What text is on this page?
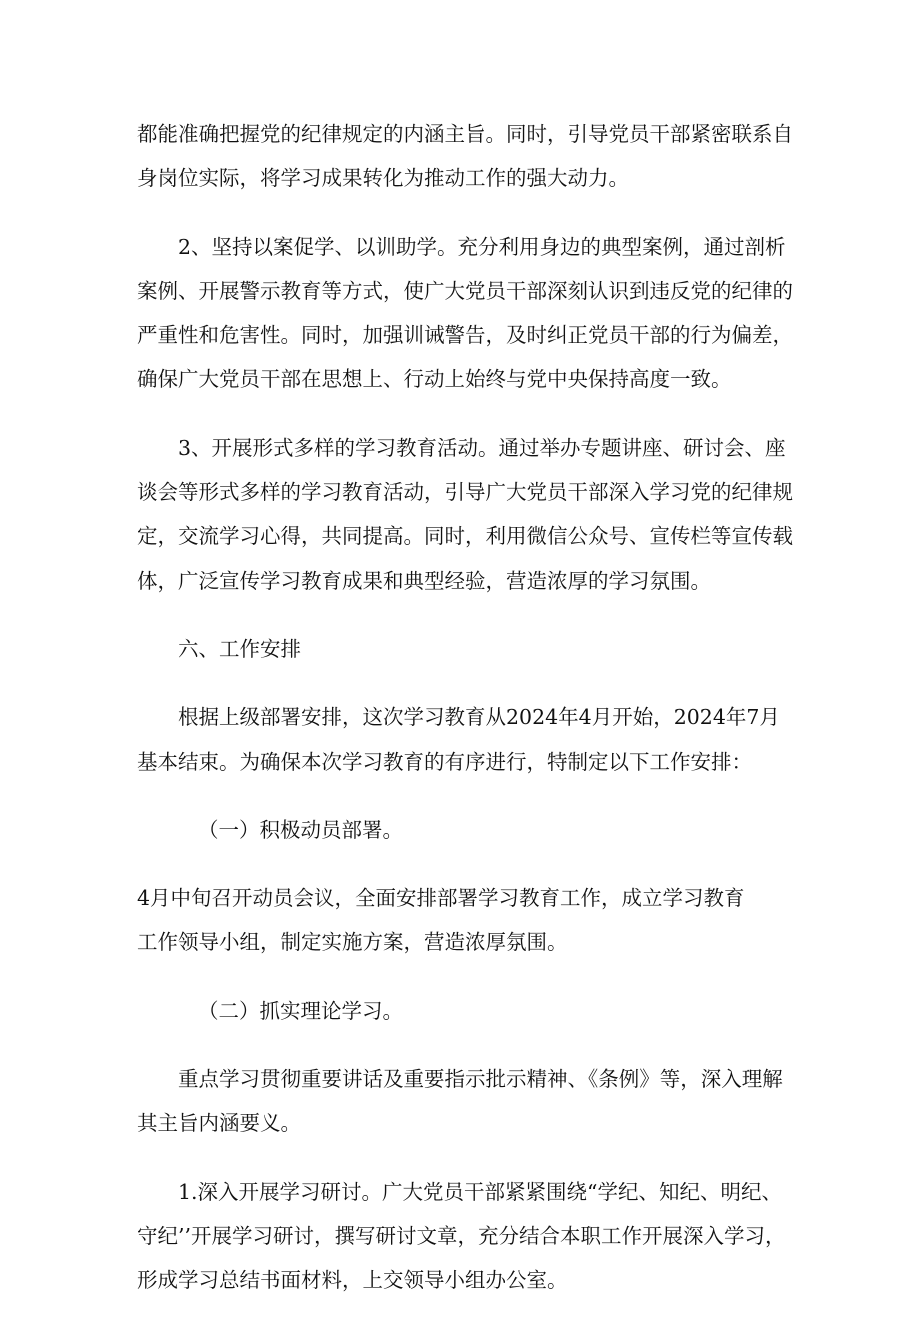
都能准确把握党的纪律规定的内涵主旨。同时，引导党员干部紧密联系自
身岗位实际，将学习成果转化为推动工作的强大动力。
2、坚持以案促学、以训助学。充分利用身边的典型案例，通过剖析
案例、开展警示教育等方式，使广大党员干部深刻认识到违反党的纪律的
严重性和危害性。同时，加强训诫警告，及时纠正党员干部的行为偏差，
确保广大党员干部在思想上、行动上始终与党中央保持高度一致。
3、开展形式多样的学习教育活动。通过举办专题讲座、研讨会、座
谈会等形式多样的学习教育活动，引导广大党员干部深入学习党的纪律规
定，交流学习心得，共同提高。同时，利用微信公众号、宣传栏等宣传载
体，广泛宣传学习教育成果和典型经验，营造浓厚的学习氛围。
六、工作安排
根据上级部署安排，这次学习教育从2024年4月开始，2024年7月
基本结束。为确保本次学习教育的有序进行，特制定以下工作安排：
（一）积极动员部署。
4月中旬召开动员会议，全面安排部署学习教育工作，成立学习教育
工作领导小组，制定实施方案，营造浓厚氛围。
（二）抓实理论学习。
重点学习贯彻重要讲话及重要指示批示精神、《条例》等，深入理解
其主旨内涵要义。
1.深入开展学习研讨。广大党员干部紧紧围绕“学纪、知纪、明纪、
守纪’’开展学习研讨，撰写研讨文章，充分结合本职工作开展深入学习，
形成学习总结书面材料，上交领导小组办公室。
